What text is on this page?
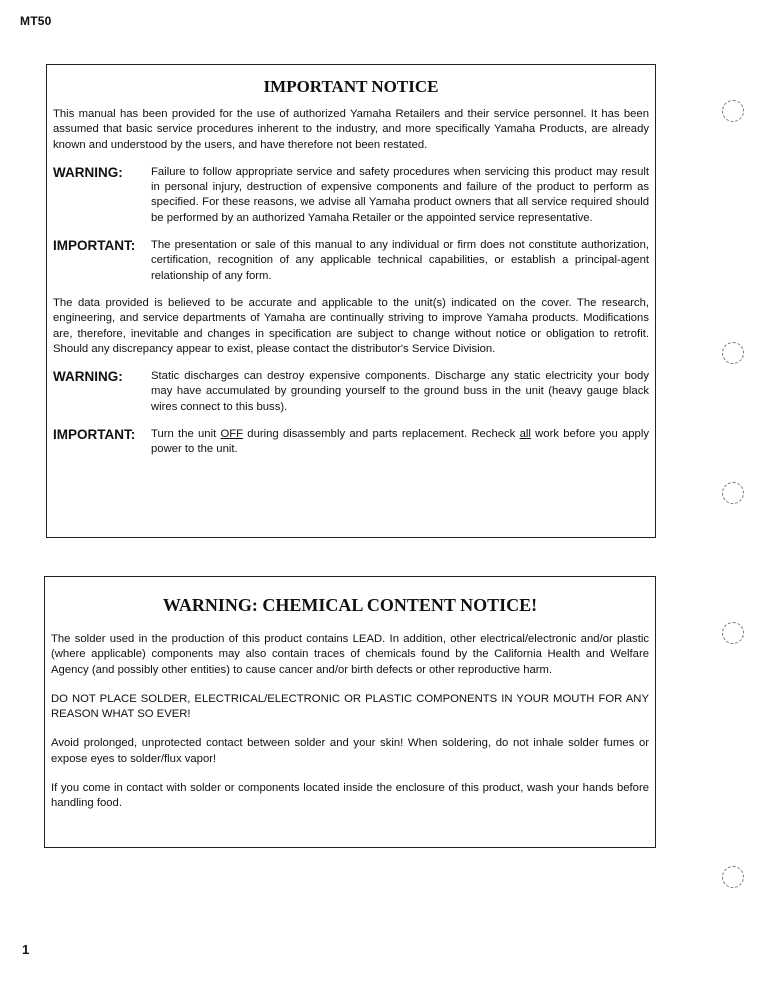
MT50
IMPORTANT NOTICE

This manual has been provided for the use of authorized Yamaha Retailers and their service personnel. It has been assumed that basic service procedures inherent to the industry, and more specifically Yamaha Products, are already known and understood by the users, and have therefore not been restated.

WARNING:	Failure to follow appropriate service and safety procedures when servicing this product may result in personal injury, destruction of expensive components and failure of the product to perform as specified. For these reasons, we advise all Yamaha product owners that all service required should be performed by an authorized Yamaha Retailer or the appointed service representative.
IMPORTANT:	The presentation or sale of this manual to any individual or firm does not constitute authorization, certification, recognition of any applicable technical capabilities, or establish a principal-agent relationship of any form.

The data provided is believed to be accurate and applicable to the unit(s) indicated on the cover. The research, engineering, and service departments of Yamaha are continually striving to improve Yamaha products. Modifications are, therefore, inevitable and changes in specification are subject to change without notice or obligation to retrofit. Should any discrepancy appear to exist, please contact the distributor's Service Division.

WARNING:	Static discharges can destroy expensive components. Discharge any static electricity your body may have accumulated by grounding yourself to the ground buss in the unit (heavy gauge black wires connect to this buss).
IMPORTANT:	Turn the unit OFF during disassembly and parts replacement. Recheck all work before you apply power to the unit.
WARNING: CHEMICAL CONTENT NOTICE!

The solder used in the production of this product contains LEAD. In addition, other electrical/electronic and/or plastic (where applicable) components may also contain traces of chemicals found by the California Health and Welfare Agency (and possibly other entities) to cause cancer and/or birth defects or other reproductive harm.

DO NOT PLACE SOLDER, ELECTRICAL/ELECTRONIC OR PLASTIC COMPONENTS IN YOUR MOUTH FOR ANY REASON WHAT SO EVER!

Avoid prolonged, unprotected contact between solder and your skin! When soldering, do not inhale solder fumes or expose eyes to solder/flux vapor!

If you come in contact with solder or components located inside the enclosure of this product, wash your hands before handling food.

1
